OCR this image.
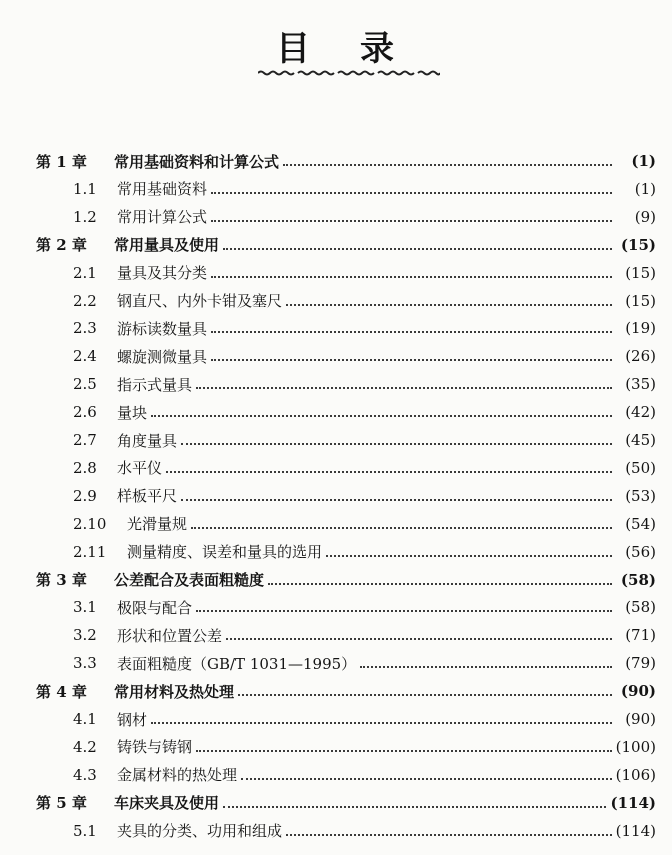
目 录
第 1 章	常用基础资料和计算公式	(1)
1.1	常用基础资料	(1)
1.2	常用计算公式	(9)
第 2 章	常用量具及使用	(15)
2.1	量具及其分类	(15)
2.2	钢直尺、内外卡钳及塞尺	(15)
2.3	游标读数量具	(19)
2.4	螺旋测微量具	(26)
2.5	指示式量具	(35)
2.6	量块	(42)
2.7	角度量具	(45)
2.8	水平仪	(50)
2.9	样板平尺	(53)
2.10	光滑量规	(54)
2.11	测量精度、误差和量具的选用	(56)
第 3 章	公差配合及表面粗糙度	(58)
3.1	极限与配合	(58)
3.2	形状和位置公差	(71)
3.3	表面粗糙度（GB/T 1031—1995）	(79)
第 4 章	常用材料及热处理	(90)
4.1	钢材	(90)
4.2	铸铁与铸钢	(100)
4.3	金属材料的热处理	(106)
第 5 章	车床夹具及使用	(114)
5.1	夹具的分类、功用和组成	(114)
